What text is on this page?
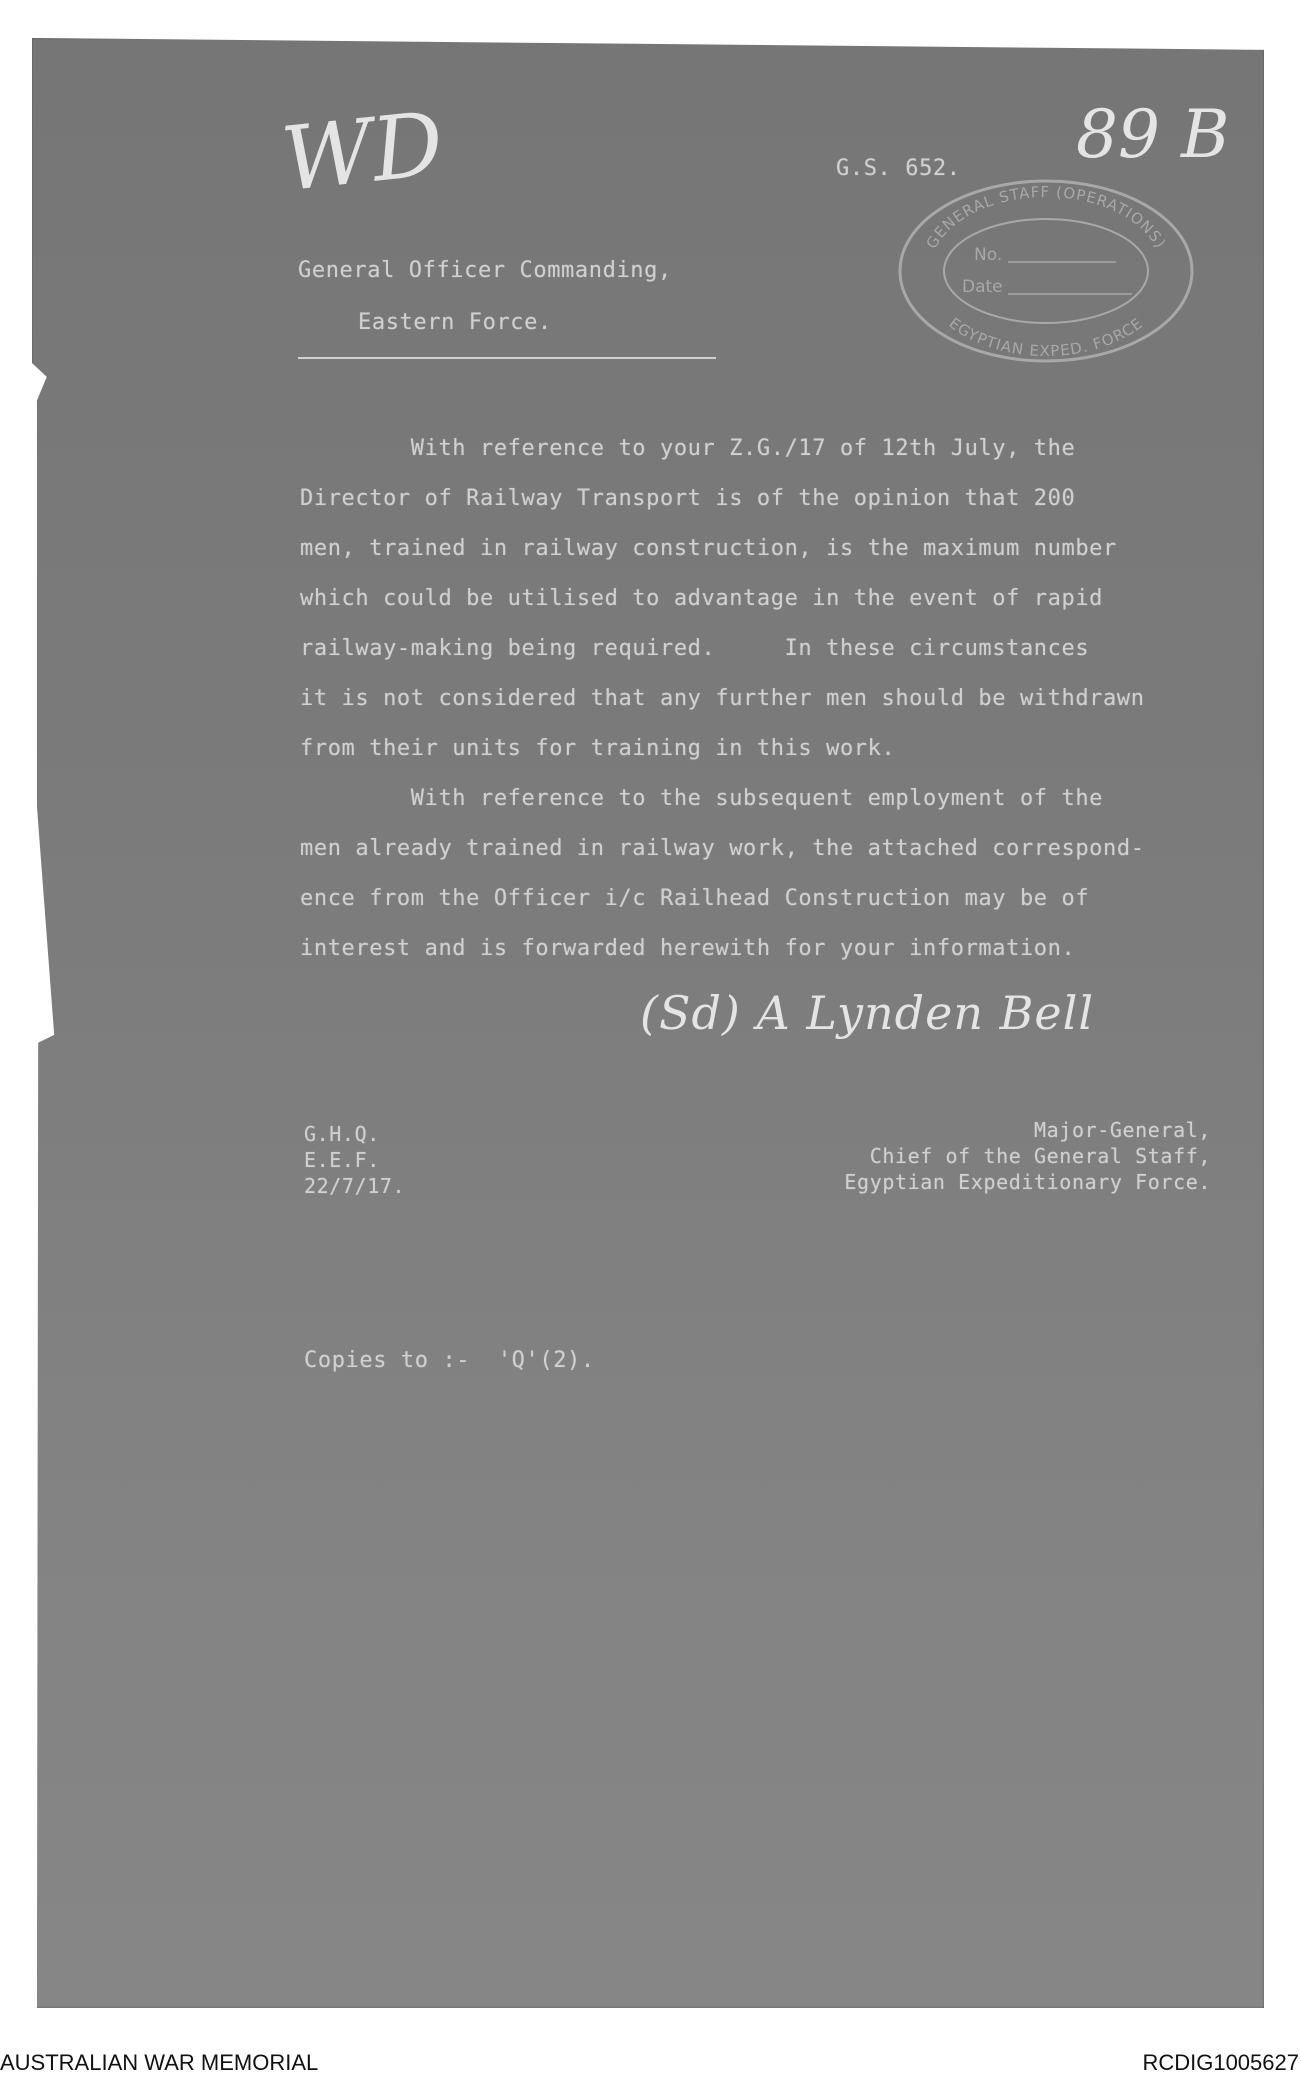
WD	89 B
G.S. 652.
GENERAL STAFF (OPERATIONS)
EGYPTIAN EXPED. FORCE
No.
Date
General Officer Commanding,
Eastern Force.
With reference to your Z.G./17 of 12th July, the
Director of Railway Transport is of the opinion that 200
men, trained in railway construction, is the maximum number
which could be utilised to advantage in the event of rapid
railway-making being required.     In these circumstances
it is not considered that any further men should be withdrawn
from their units for training in this work.
With reference to the subsequent employment of the
men already trained in railway work, the attached correspond-
ence from the Officer i/c Railhead Construction may be of
interest and is forwarded herewith for your information.
(Sd) A Lynden Bell
G.H.Q.
E.E.F.
22/7/17.
Major-General,
Chief of the General Staff,
Egyptian Expeditionary Force.
Copies to :-  'Q'(2).
AUSTRALIAN WAR MEMORIAL	RCDIG1005627
